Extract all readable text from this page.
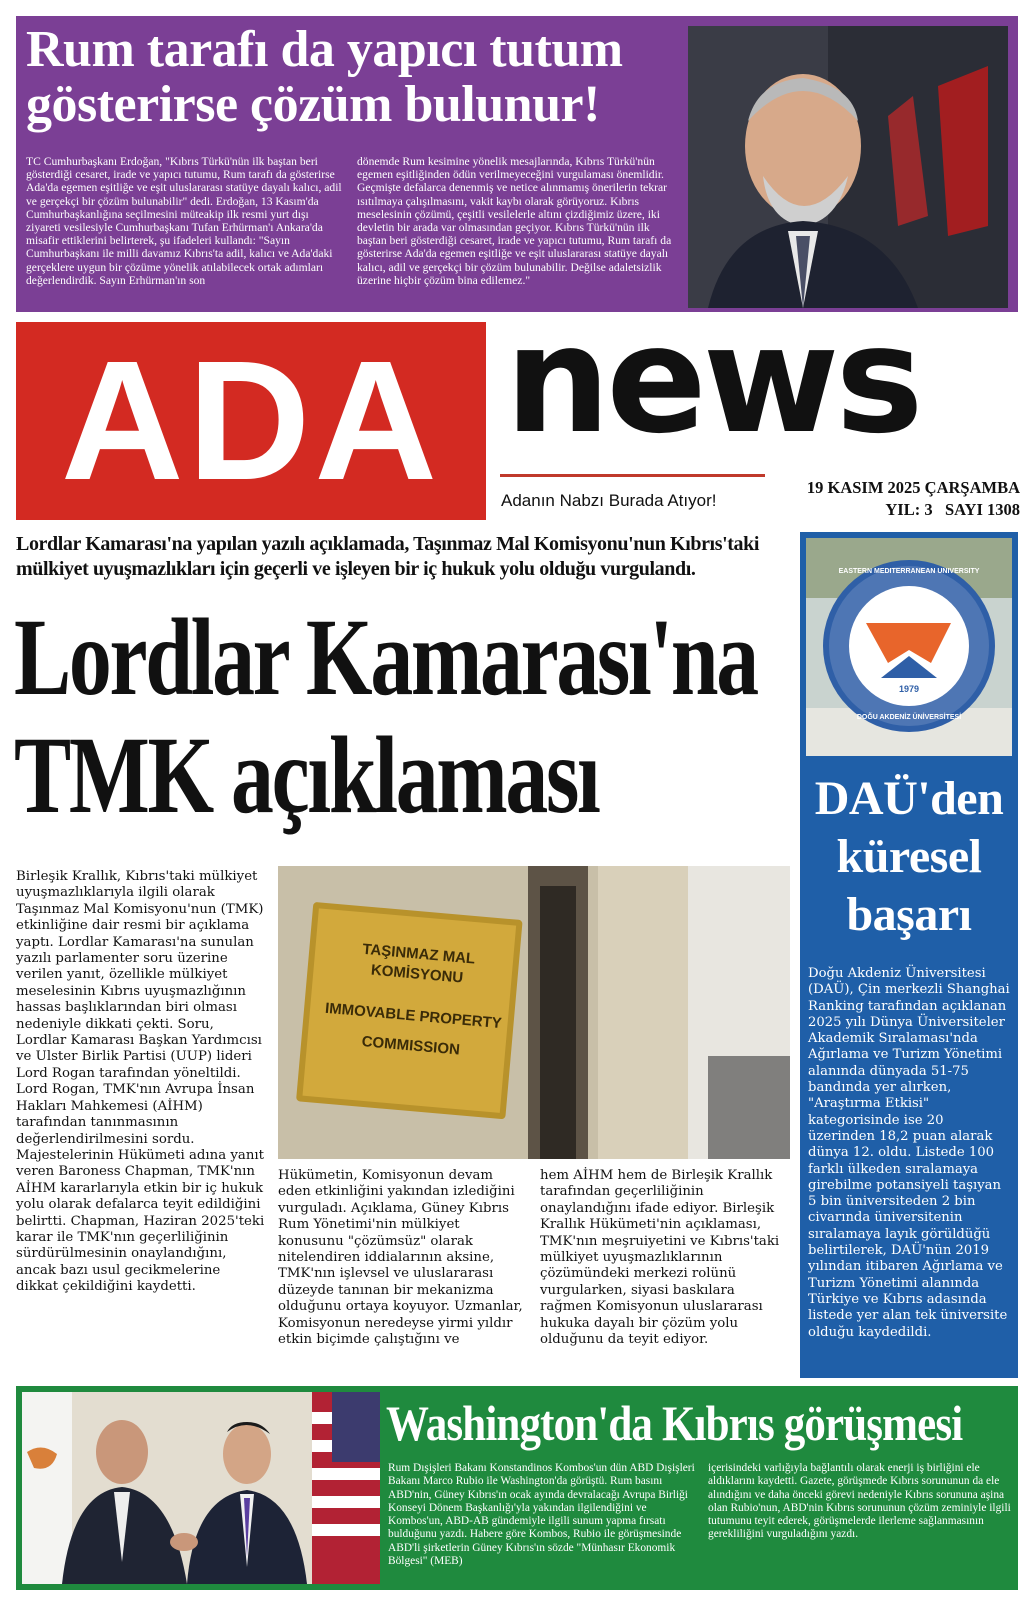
Rum tarafı da yapıcı tutum gösterirse çözüm bulunur!

TC Cumhurbaşkanı Erdoğan, "Kıbrıs Türkü'nün ilk baştan beri gösterdiği cesaret, irade ve yapıcı tutumu, Rum tarafı da gösterirse Ada'da egemen eşitliğe ve eşit uluslararası statüye dayalı kalıcı, adil ve gerçekçi bir çözüm bulunabilir" dedi. Erdoğan, 13 Kasım'da Cumhurbaşkanlığına seçilmesini müteakip ilk resmi yurt dışı ziyareti vesilesiyle Cumhurbaşkanı Tufan Erhürman'ı Ankara'da misafir ettiklerini belirterek, şu ifadeleri kullandı: "Sayın Cumhurbaşkanı ile milli davamız Kıbrıs'ta adil, kalıcı ve Ada'daki gerçeklere uygun bir çözüme yönelik atılabilecek ortak adımları değerlendirdik. Sayın Erhürman'ın son

dönemde Rum kesimine yönelik mesajlarında, Kıbrıs Türkü'nün egemen eşitliğinden ödün verilmeyeceğini vurgulaması önemlidir. Geçmişte defalarca denenmiş ve netice alınmamış önerilerin tekrar ısıtılmaya çalışılmasını, vakit kaybı olarak görüyoruz. Kıbrıs meselesinin çözümü, çeşitli vesilelerle altını çizdiğimiz üzere, iki devletin bir arada var olmasından geçiyor. Kıbrıs Türkü'nün ilk baştan beri gösterdiği cesaret, irade ve yapıcı tutumu, Rum tarafı da gösterirse Ada'da egemen eşitliğe ve eşit uluslararası statüye dayalı kalıcı, adil ve gerçekçi bir çözüm bulunabilir. Değilse adaletsizlik üzerine hiçbir çözüm bina edilemez."

ADA news
Adanın Nabzı Burada Atıyor!
19 KASIM 2025 ÇARŞAMBA
YIL: 3   SAYI 1308

Lordlar Kamarası'na yapılan yazılı açıklamada, Taşınmaz Mal Komisyonu'nun Kıbrıs'taki mülkiyet uyuşmazlıkları için geçerli ve işleyen bir iç hukuk yolu olduğu vurgulandı.

Lordlar Kamarası'na
TMK açıklaması

Birleşik Krallık, Kıbrıs'taki mülkiyet uyuşmazlıklarıyla ilgili olarak Taşınmaz Mal Komisyonu'nun (TMK) etkinliğine dair resmi bir açıklama yaptı. Lordlar Kamarası'na sunulan yazılı parlamenter soru üzerine verilen yanıt, özellikle mülkiyet meselesinin Kıbrıs uyuşmazlığının hassas başlıklarından biri olması nedeniyle dikkati çekti. Soru, Lordlar Kamarası Başkan Yardımcısı ve Ulster Birlik Partisi (UUP) lideri Lord Rogan tarafından yöneltildi. Lord Rogan, TMK'nın Avrupa İnsan Hakları Mahkemesi (AİHM) tarafından tanınmasının değerlendirilmesini sordu. Majestelerinin Hükümeti adına yanıt veren Baroness Chapman, TMK'nın AİHM kararlarıyla etkin bir iç hukuk yolu olarak defalarca teyit edildiğini belirtti. Chapman, Haziran 2025'teki karar ile TMK'nın geçerliliğinin sürdürülmesinin onaylandığını, ancak bazı usul gecikmelerine dikkat çekildiğini kaydetti.

TAŞINMAZ MAL KOMİSYONU
IMMOVABLE PROPERTY
COMMISSION

Hükümetin, Komisyonun devam eden etkinliğini yakından izlediğini vurguladı. Açıklama, Güney Kıbrıs Rum Yönetimi'nin mülkiyet konusunu "çözümsüz" olarak nitelendiren iddialarının aksine, TMK'nın işlevsel ve uluslararası düzeyde tanınan bir mekanizma olduğunu ortaya koyuyor. Uzmanlar, Komisyonun neredeyse yirmi yıldır etkin biçimde çalıştığını ve

hem AİHM hem de Birleşik Krallık tarafından geçerliliğinin onaylandığını ifade ediyor. Birleşik Krallık Hükümeti'nin açıklaması, TMK'nın meşruiyetini ve Kıbrıs'taki mülkiyet uyuşmazlıklarının çözümündeki merkezi rolünü vurgularken, siyasi baskılara rağmen Komisyonun uluslararası hukuka dayalı bir çözüm yolu olduğunu da teyit ediyor.

EASTERN MEDITERRANEAN UNIVERSITY
DOĞU AKDENİZ ÜNİVERSİTESİ
1979
DAÜ'den küresel başarı

Doğu Akdeniz Üniversitesi (DAÜ), Çin merkezli Shanghai Ranking tarafından açıklanan 2025 yılı Dünya Üniversiteler Akademik Sıralaması'nda Ağırlama ve Turizm Yönetimi alanında dünyada 51-75 bandında yer alırken, "Araştırma Etkisi" kategorisinde ise 20 üzerinden 18,2 puan alarak dünya 12. oldu. Listede 100 farklı ülkeden sıralamaya girebilme potansiyeli taşıyan 5 bin üniversiteden 2 bin civarında üniversitenin sıralamaya layık görüldüğü belirtilerek, DAÜ'nün 2019 yılından itibaren Ağırlama ve Turizm Yönetimi alanında Türkiye ve Kıbrıs adasında listede yer alan tek üniversite olduğu kaydedildi.

Washington'da Kıbrıs görüşmesi

Rum Dışişleri Bakanı Konstandinos Kombos'un dün ABD Dışişleri Bakanı Marco Rubio ile Washington'da görüştü. Rum basını ABD'nin, Güney Kıbrıs'ın ocak ayında devralacağı Avrupa Birliği Konseyi Dönem Başkanlığı'yla yakından ilgilendiğini ve Kombos'un, ABD-AB gündemiyle ilgili sunum yapma fırsatı bulduğunu yazdı. Habere göre Kombos, Rubio ile görüşmesinde ABD'li şirketlerin Güney Kıbrıs'ın sözde "Münhasır Ekonomik Bölgesi" (MEB)

içerisindeki varlığıyla bağlantılı olarak enerji iş birliğini ele aldıklarını kaydetti. Gazete, görüşmede Kıbrıs sorununun da ele alındığını ve daha önceki görevi nedeniyle Kıbrıs sorununa aşina olan Rubio'nun, ABD'nin Kıbrıs sorununun çözüm zeminiyle ilgili tutumunu teyit ederek, görüşmelerde ilerleme sağlanmasının gerekliliğini vurguladığını yazdı.
